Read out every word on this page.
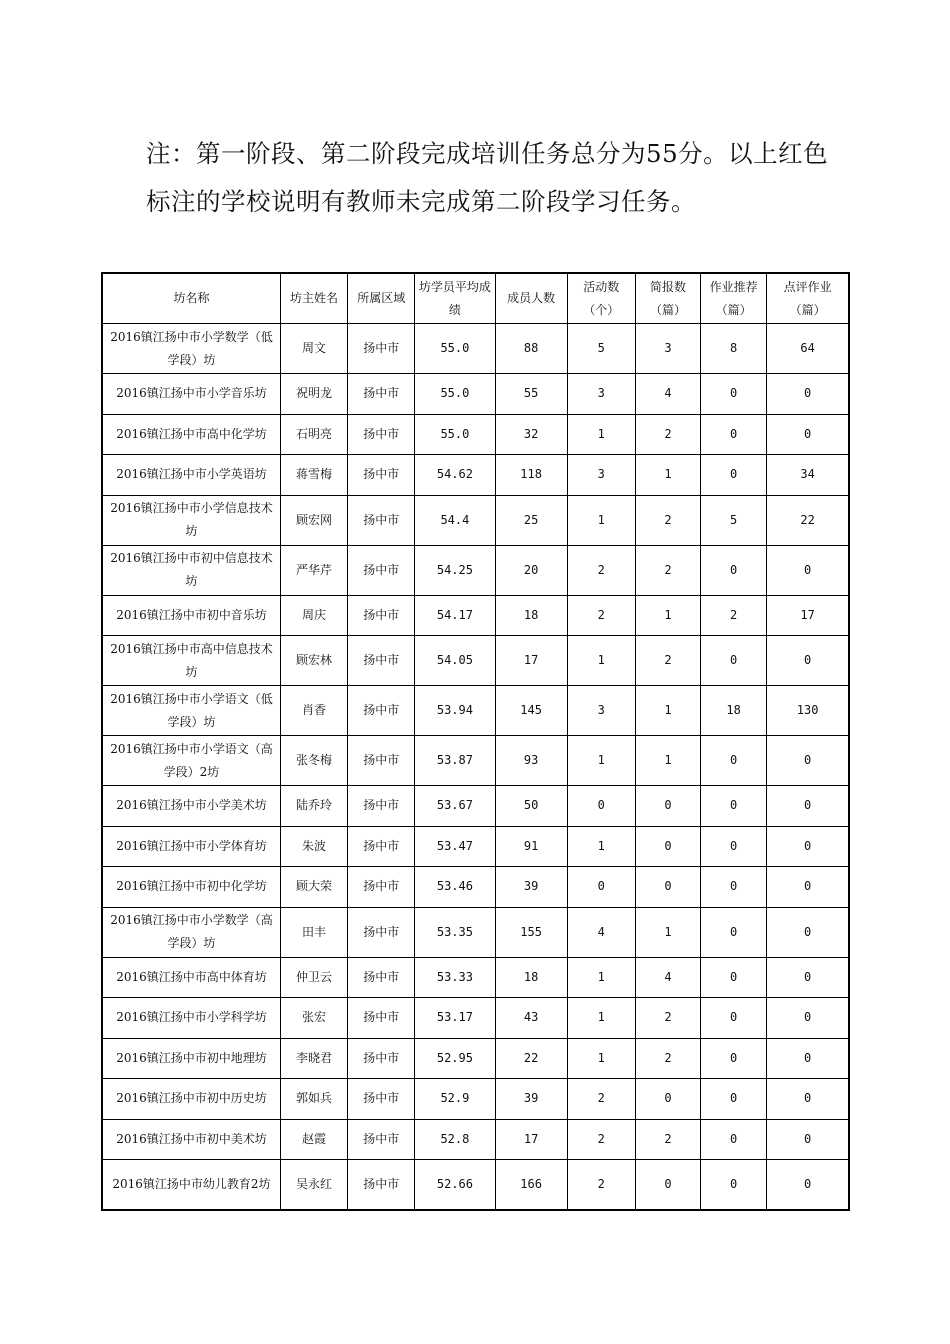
注：第一阶段、第二阶段完成培训任务总分为55分。以上红色

标注的学校说明有教师未完成第二阶段学习任务。

坊名称	坊主姓名	所属区域	坊学员平均成绩	成员人数	活动数（个）	简报数（篇）	作业推荐（篇）	点评作业（篇）
2016镇江扬中市小学数学（低学段）坊	周文	扬中市	55.0	88	5	3	8	64
2016镇江扬中市小学音乐坊	祝明龙	扬中市	55.0	55	3	4	0	0
2016镇江扬中市高中化学坊	石明亮	扬中市	55.0	32	1	2	0	0
2016镇江扬中市小学英语坊	蒋雪梅	扬中市	54.62	118	3	1	0	34
2016镇江扬中市小学信息技术坊	顾宏网	扬中市	54.4	25	1	2	5	22
2016镇江扬中市初中信息技术坊	严华芹	扬中市	54.25	20	2	2	0	0
2016镇江扬中市初中音乐坊	周庆	扬中市	54.17	18	2	1	2	17
2016镇江扬中市高中信息技术坊	顾宏林	扬中市	54.05	17	1	2	0	0
2016镇江扬中市小学语文（低学段）坊	肖香	扬中市	53.94	145	3	1	18	130
2016镇江扬中市小学语文（高学段）2坊	张冬梅	扬中市	53.87	93	1	1	0	0
2016镇江扬中市小学美术坊	陆乔玲	扬中市	53.67	50	0	0	0	0
2016镇江扬中市小学体育坊	朱波	扬中市	53.47	91	1	0	0	0
2016镇江扬中市初中化学坊	顾大荣	扬中市	53.46	39	0	0	0	0
2016镇江扬中市小学数学（高学段）坊	田丰	扬中市	53.35	155	4	1	0	0
2016镇江扬中市高中体育坊	仲卫云	扬中市	53.33	18	1	4	0	0
2016镇江扬中市小学科学坊	张宏	扬中市	53.17	43	1	2	0	0
2016镇江扬中市初中地理坊	李晓君	扬中市	52.95	22	1	2	0	0
2016镇江扬中市初中历史坊	郭如兵	扬中市	52.9	39	2	0	0	0
2016镇江扬中市初中美术坊	赵霞	扬中市	52.8	17	2	2	0	0
2016镇江扬中市幼儿教育2坊	吴永红	扬中市	52.66	166	2	0	0	0
